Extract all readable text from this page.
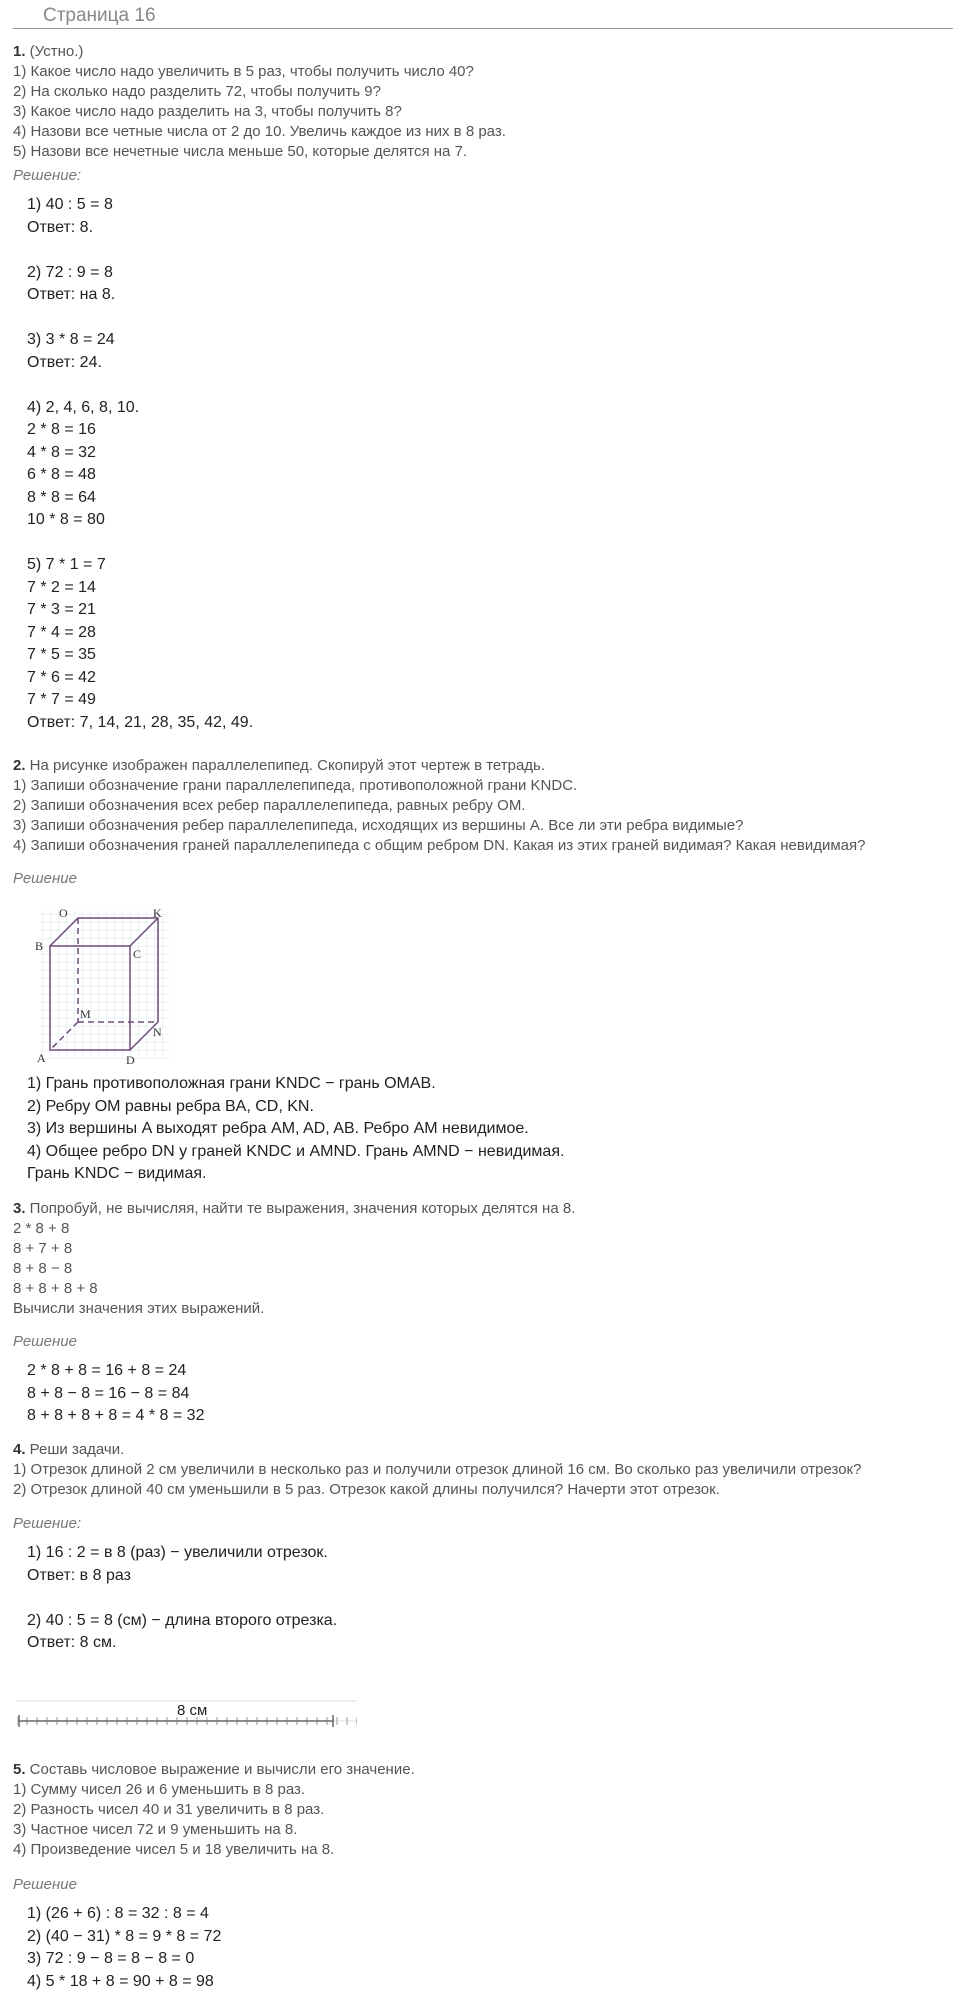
Страница 16
1. (Устно.)
1) Какое число надо увеличить в 5 раз, чтобы получить число 40?
2) На сколько надо разделить 72, чтобы получить 9?
3) Какое число надо разделить на 3, чтобы получить 8?
4) Назови все четные числа от 2 до 10. Увеличь каждое из них в 8 раз.
5) Назови все нечетные числа меньше 50, которые делятся на 7.
Решение:
1) 40 : 5 = 8
Ответ: 8.
2) 72 : 9 = 8
Ответ: на 8.
3) 3 * 8 = 24
Ответ: 24.
4) 2, 4, 6, 8, 10.
2 * 8 = 16
4 * 8 = 32
6 * 8 = 48
8 * 8 = 64
10 * 8 = 80
5) 7 * 1 = 7
7 * 2 = 14
7 * 3 = 21
7 * 4 = 28
7 * 5 = 35
7 * 6 = 42
7 * 7 = 49
Ответ: 7, 14, 21, 28, 35, 42, 49.
2. На рисунке изображен параллелепипед. Скопируй этот чертеж в тетрадь.
1) Запиши обозначение грани параллелепипеда, противоположной грани KNDC.
2) Запиши обозначения всех ребер параллелепипеда, равных ребру OM.
3) Запиши обозначения ребер параллелепипеда, исходящих из вершины A. Все ли эти ребра видимые?
4) Запиши обозначения граней параллелепипеда с общим ребром DN. Какая из этих граней видимая? Какая невидимая?
Решение
O	K
B
C
M
N
A	D
1) Грань противоположная грани KNDC − грань OMAB.
2) Ребру OM равны ребра BA, CD, KN.
3) Из вершины A выходят ребра AM, AD, AB. Ребро AM невидимое.
4) Общее ребро DN у граней KNDC и AMND. Грань AMND − невидимая.
Грань KNDC − видимая.
3. Попробуй, не вычисляя, найти те выражения, значения которых делятся на 8.
2 * 8 + 8
8 + 7 + 8
8 + 8 − 8
8 + 8 + 8 + 8
Вычисли значения этих выражений.
Решение
2 * 8 + 8 = 16 + 8 = 24
8 + 8 − 8 = 16 − 8 = 84
8 + 8 + 8 + 8 = 4 * 8 = 32
4. Реши задачи.
1) Отрезок длиной 2 см увеличили в несколько раз и получили отрезок длиной 16 см. Во сколько раз увеличили отрезок?
2) Отрезок длиной 40 см уменьшили в 5 раз. Отрезок какой длины получился? Начерти этот отрезок.
Решение:
1) 16 : 2 = в 8 (раз) − увеличили отрезок.
Ответ: в 8 раз
2) 40 : 5 = 8 (см) − длина второго отрезка.
Ответ: 8 см.
8 см
5. Составь числовое выражение и вычисли его значение.
1) Сумму чисел 26 и 6 уменьшить в 8 раз.
2) Разность чисел 40 и 31 увеличить в 8 раз.
3) Частное чисел 72 и 9 уменьшить на 8.
4) Произведение чисел 5 и 18 увеличить на 8.
Решение
1) (26 + 6) : 8 = 32 : 8 = 4
2) (40 − 31) * 8 = 9 * 8 = 72
3) 72 : 9 − 8 = 8 − 8 = 0
4) 5 * 18 + 8 = 90 + 8 = 98
